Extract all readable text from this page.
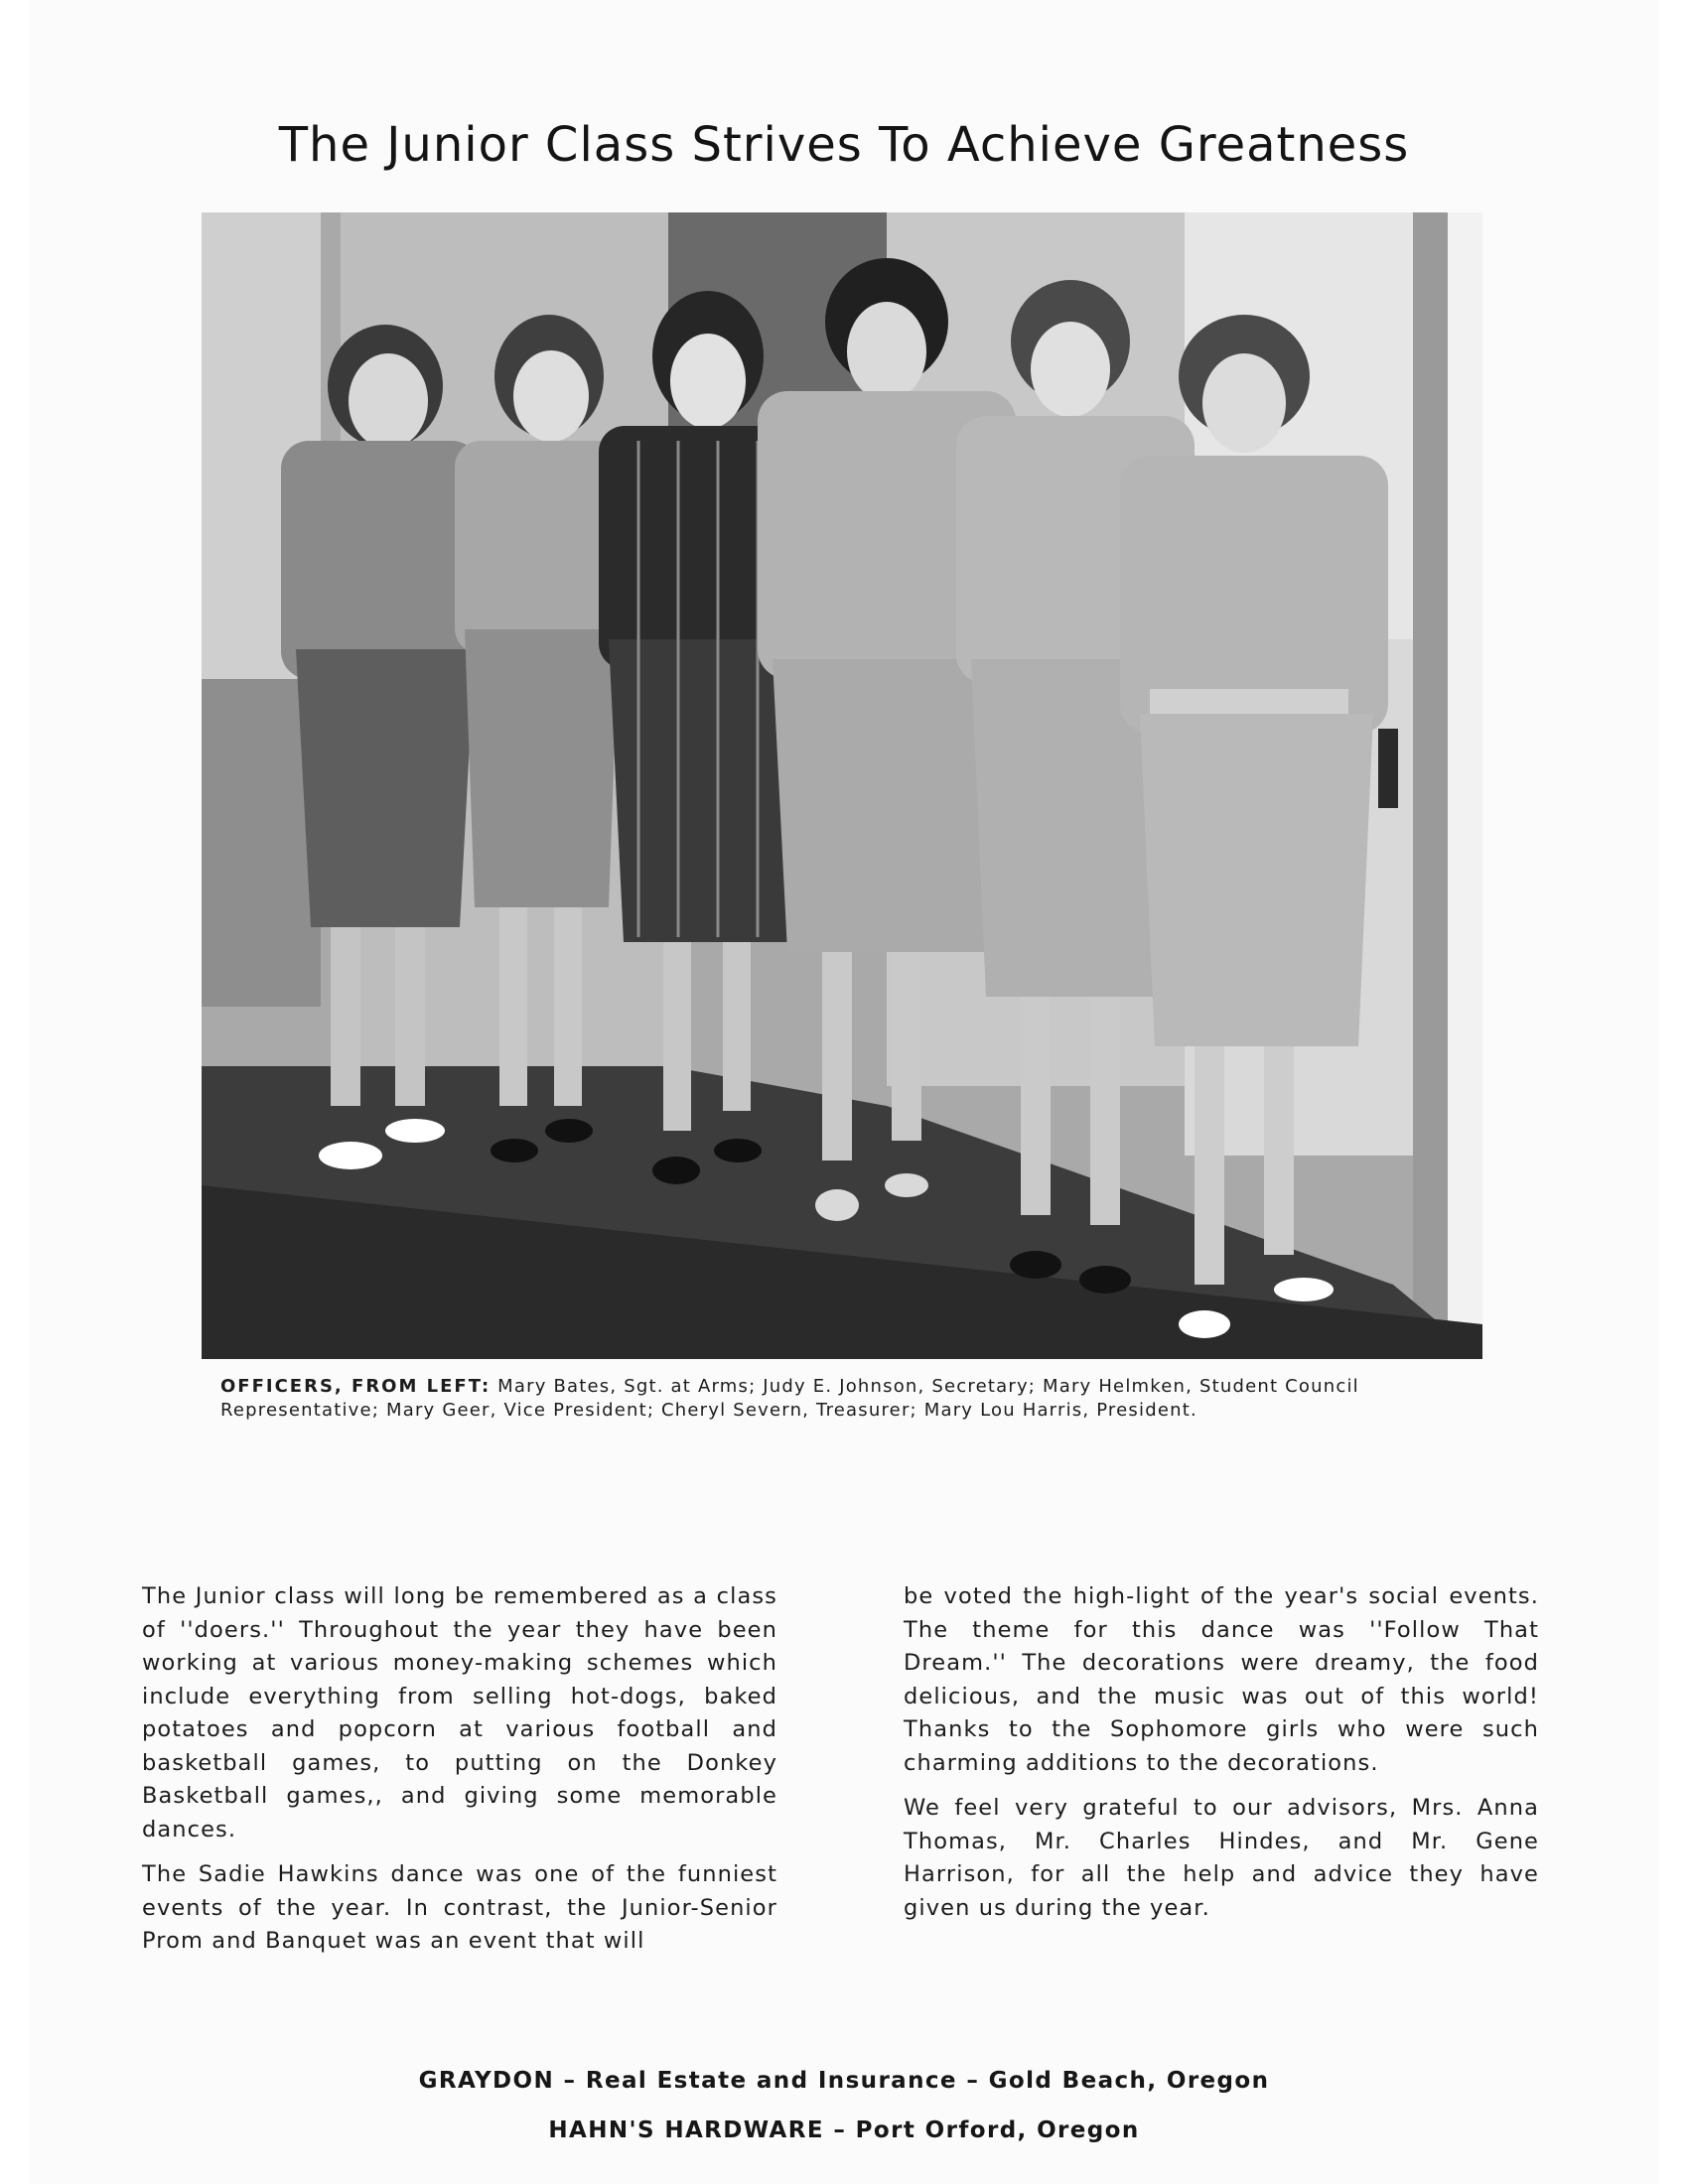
The Junior Class Strives To Achieve Greatness
OFFICERS, FROM LEFT: Mary Bates, Sgt. at Arms; Judy E. Johnson, Secretary; Mary Helmken, Student Council Representative; Mary Geer, Vice President; Cheryl Severn, Treasurer; Mary Lou Harris, President.

The Junior class will long be remembered as a class of ''doers.'' Throughout the year they have been working at various money-making schemes which include everything from selling hot-dogs, baked potatoes and popcorn at various football and basketball games, to putting on the Donkey Basketball games,, and giving some memorable dances.

The Sadie Hawkins dance was one of the funniest events of the year. In contrast, the Junior-Senior Prom and Banquet was an event that will

be voted the high-light of the year's social events. The theme for this dance was ''Follow That Dream.'' The decorations were dreamy, the food delicious, and the music was out of this world! Thanks to the Sophomore girls who were such charming additions to the decorations.

We feel very grateful to our advisors, Mrs. Anna Thomas, Mr. Charles Hindes, and Mr. Gene Harrison, for all the help and advice they have given us during the year.

GRAYDON – Real Estate and Insurance – Gold Beach, Oregon
HAHN'S HARDWARE – Port Orford, Oregon
